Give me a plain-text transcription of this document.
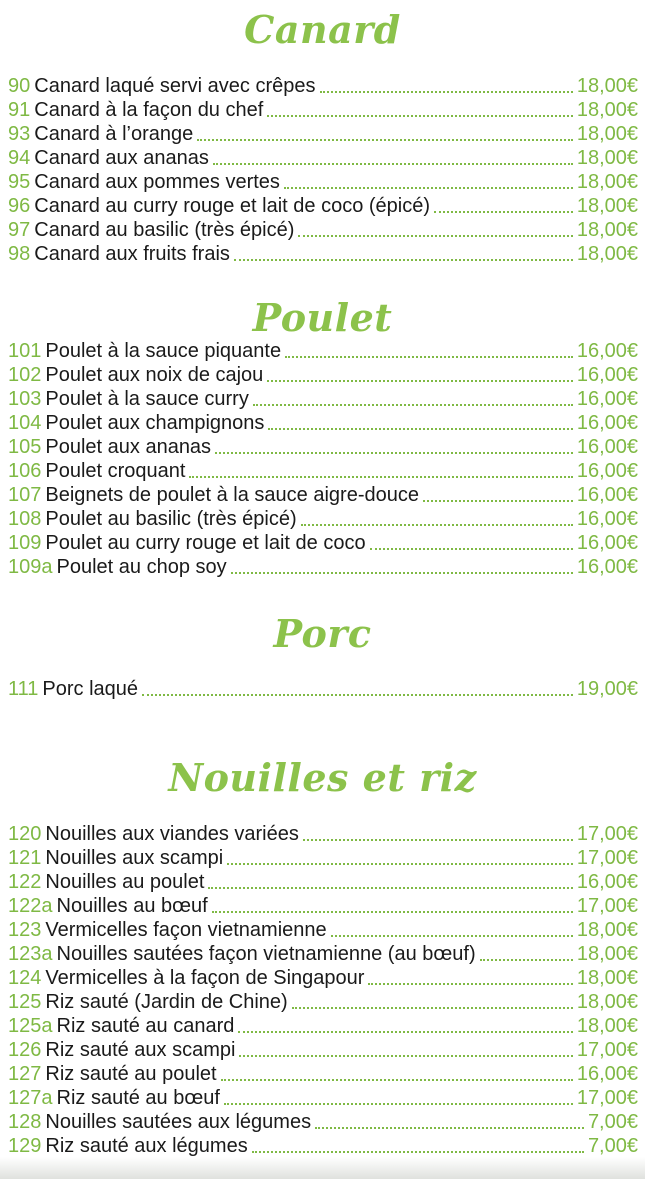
Canard
90 Canard laqué servi avec crêpes	18,00€
91 Canard à la façon du chef	18,00€
93 Canard à l’orange	18,00€
94 Canard aux ananas	18,00€
95 Canard aux pommes vertes	18,00€
96 Canard au curry rouge et lait de coco (épicé)	18,00€
97 Canard au basilic (très épicé)	18,00€
98 Canard aux fruits frais	18,00€
Poulet
101 Poulet à la sauce piquante	16,00€
102 Poulet aux noix de cajou	16,00€
103 Poulet à la sauce curry	16,00€
104 Poulet aux champignons	16,00€
105 Poulet aux ananas	16,00€
106 Poulet croquant	16,00€
107 Beignets de poulet à la sauce aigre-douce	16,00€
108 Poulet au basilic (très épicé)	16,00€
109 Poulet au curry rouge et lait de coco	16,00€
109a Poulet au chop soy	16,00€
Porc
111 Porc laqué	19,00€
Nouilles et riz
120 Nouilles aux viandes variées	17,00€
121 Nouilles aux scampi	17,00€
122 Nouilles au poulet	16,00€
122a Nouilles au bœuf	17,00€
123 Vermicelles façon vietnamienne	18,00€
123a Nouilles sautées façon vietnamienne (au bœuf)	18,00€
124 Vermicelles à la façon de Singapour	18,00€
125 Riz sauté (Jardin de Chine)	18,00€
125a Riz sauté au canard	18,00€
126 Riz sauté aux scampi	17,00€
127 Riz sauté au poulet	16,00€
127a Riz sauté au bœuf	17,00€
128 Nouilles sautées aux légumes	7,00€
129 Riz sauté aux légumes	7,00€
